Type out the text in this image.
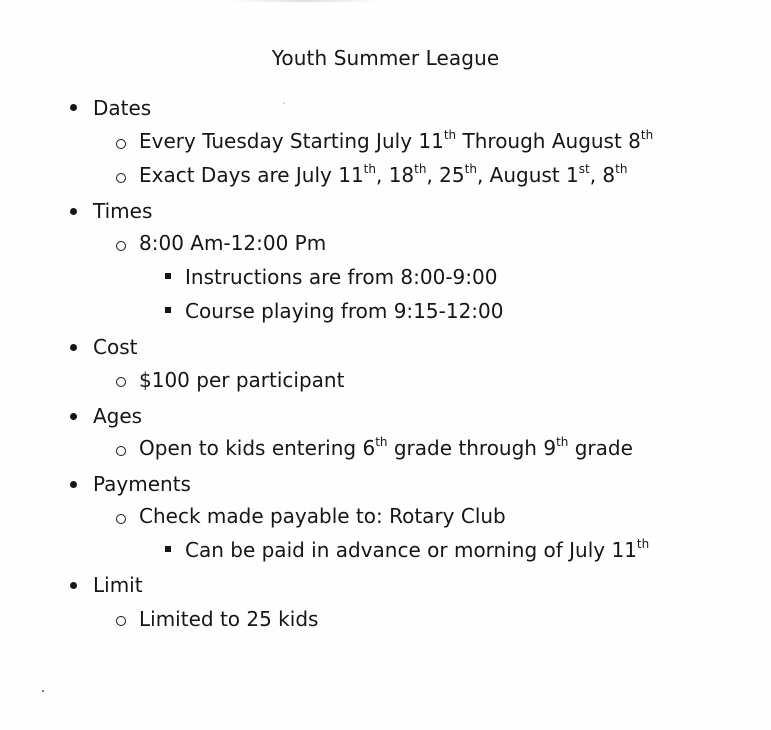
Youth Summer League
Dates
Every Tuesday Starting July 11th Through August 8th
Exact Days are July 11th, 18th, 25th, August 1st, 8th
Times
8:00 Am-12:00 Pm
Instructions are from 8:00-9:00
Course playing from 9:15-12:00
Cost
$100 per participant
Ages
Open to kids entering 6th grade through 9th grade
Payments
Check made payable to: Rotary Club
Can be paid in advance or morning of July 11th
Limit
Limited to 25 kids
